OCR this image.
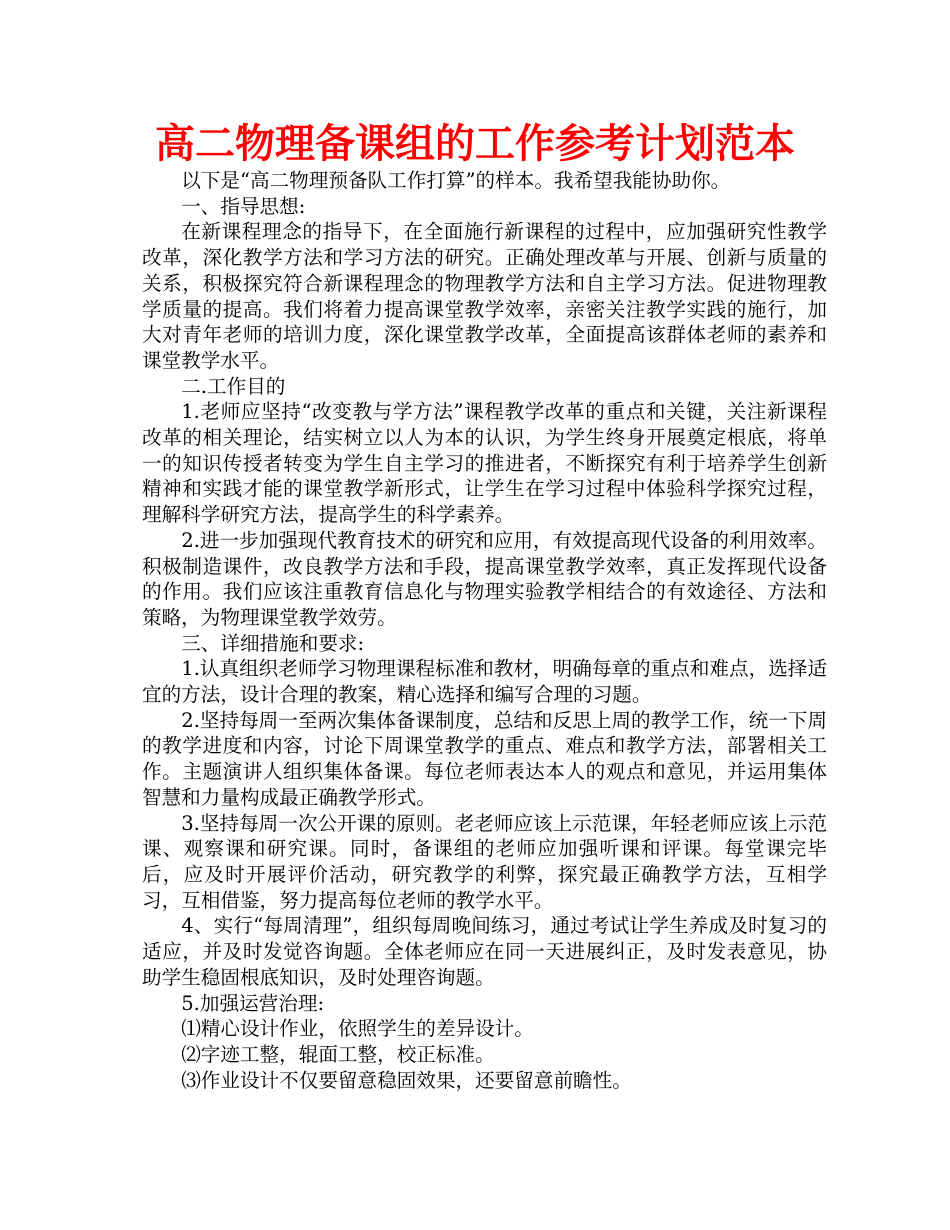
高二物理备课组的工作参考计划范本

以下是“高二物理预备队工作打算”的样本。我希望我能协助你。

一、指导思想:

在新课程理念的指导下，在全面施行新课程的过程中，应加强研究性教学改革，深化教学方法和学习方法的研究。正确处理改革与开展、创新与质量的关系，积极探究符合新课程理念的物理教学方法和自主学习方法。促进物理教学质量的提高。我们将着力提高课堂教学效率，亲密关注教学实践的施行，加大对青年老师的培训力度，深化课堂教学改革，全面提高该群体老师的素养和课堂教学水平。

二.工作目的

1.老师应坚持“改变教与学方法”课程教学改革的重点和关键，关注新课程改革的相关理论，结实树立以人为本的认识，为学生终身开展奠定根底，将单一的知识传授者转变为学生自主学习的推进者，不断探究有利于培养学生创新精神和实践才能的课堂教学新形式，让学生在学习过程中体验科学探究过程，理解科学研究方法，提高学生的科学素养。

2.进一步加强现代教育技术的研究和应用，有效提高现代设备的利用效率。积极制造课件，改良教学方法和手段，提高课堂教学效率，真正发挥现代设备的作用。我们应该注重教育信息化与物理实验教学相结合的有效途径、方法和策略，为物理课堂教学效劳。

三、详细措施和要求:

1.认真组织老师学习物理课程标准和教材，明确每章的重点和难点，选择适宜的方法，设计合理的教案，精心选择和编写合理的习题。

2.坚持每周一至两次集体备课制度，总结和反思上周的教学工作，统一下周的教学进度和内容，讨论下周课堂教学的重点、难点和教学方法，部署相关工作。主题演讲人组织集体备课。每位老师表达本人的观点和意见，并运用集体智慧和力量构成最正确教学形式。

3.坚持每周一次公开课的原则。老老师应该上示范课，年轻老师应该上示范课、观察课和研究课。同时，备课组的老师应加强听课和评课。每堂课完毕后，应及时开展评价活动，研究教学的利弊，探究最正确教学方法，互相学习，互相借鉴，努力提高每位老师的教学水平。

4、实行“每周清理”，组织每周晚间练习，通过考试让学生养成及时复习的适应，并及时发觉咨询题。全体老师应在同一天进展纠正，及时发表意见，协助学生稳固根底知识，及时处理咨询题。

5.加强运营治理:

⑴精心设计作业，依照学生的差异设计。

⑵字迹工整，辊面工整，校正标准。

⑶作业设计不仅要留意稳固效果，还要留意前瞻性。
